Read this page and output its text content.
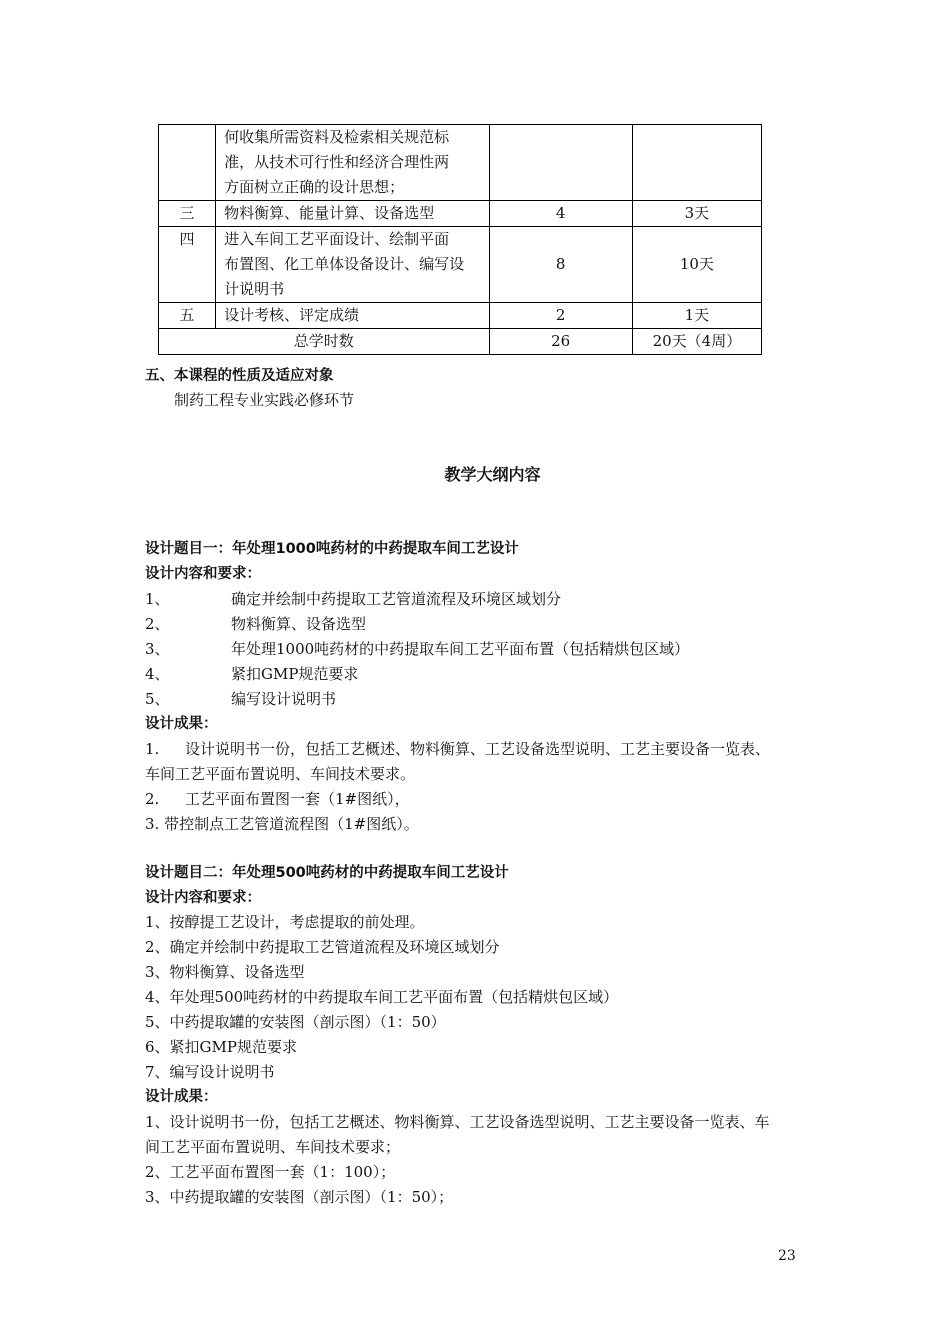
	何收集所需资料及检索相关规范标
准，从技术可行性和经济合理性两
方面树立正确的设计思想；		

三	物料衡算、能量计算、设备选型	4	3天
四	进入车间工艺平面设计、绘制平面
布置图、化工单体设备设计、编写设
计说明书	8	10天
五	设计考核、评定成绩	2	1天
总学时数		26	20天（4周）
五、本课程的性质及适应对象
制药工程专业实践必修环节
教学大纲内容
设计题目一：年处理1000吨药材的中药提取车间工艺设计
设计内容和要求：
1、	确定并绘制中药提取工艺管道流程及环境区域划分
2、	物料衡算、设备选型
3、	年处理1000吨药材的中药提取车间工艺平面布置（包括精烘包区域）
4、	紧扣GMP规范要求
5、	编写设计说明书
设计成果：
1. 设计说明书一份，包括工艺概述、物料衡算、工艺设备选型说明、工艺主要设备一览表、
车间工艺平面布置说明、车间技术要求。
2. 工艺平面布置图一套（1#图纸），
3. 带控制点工艺管道流程图（1#图纸）。
设计题目二：年处理500吨药材的中药提取车间工艺设计
设计内容和要求：
1、按醇提工艺设计，考虑提取的前处理。
2、确定并绘制中药提取工艺管道流程及环境区域划分
3、物料衡算、设备选型
4、年处理500吨药材的中药提取车间工艺平面布置（包括精烘包区域）
5、中药提取罐的安装图（剖示图）（1：50）
6、紧扣GMP规范要求
7、编写设计说明书
设计成果：
1、设计说明书一份，包括工艺概述、物料衡算、工艺设备选型说明、工艺主要设备一览表、车
间工艺平面布置说明、车间技术要求；
2、工艺平面布置图一套（1：100）；
3、中药提取罐的安装图（剖示图）（1：50）；
23
